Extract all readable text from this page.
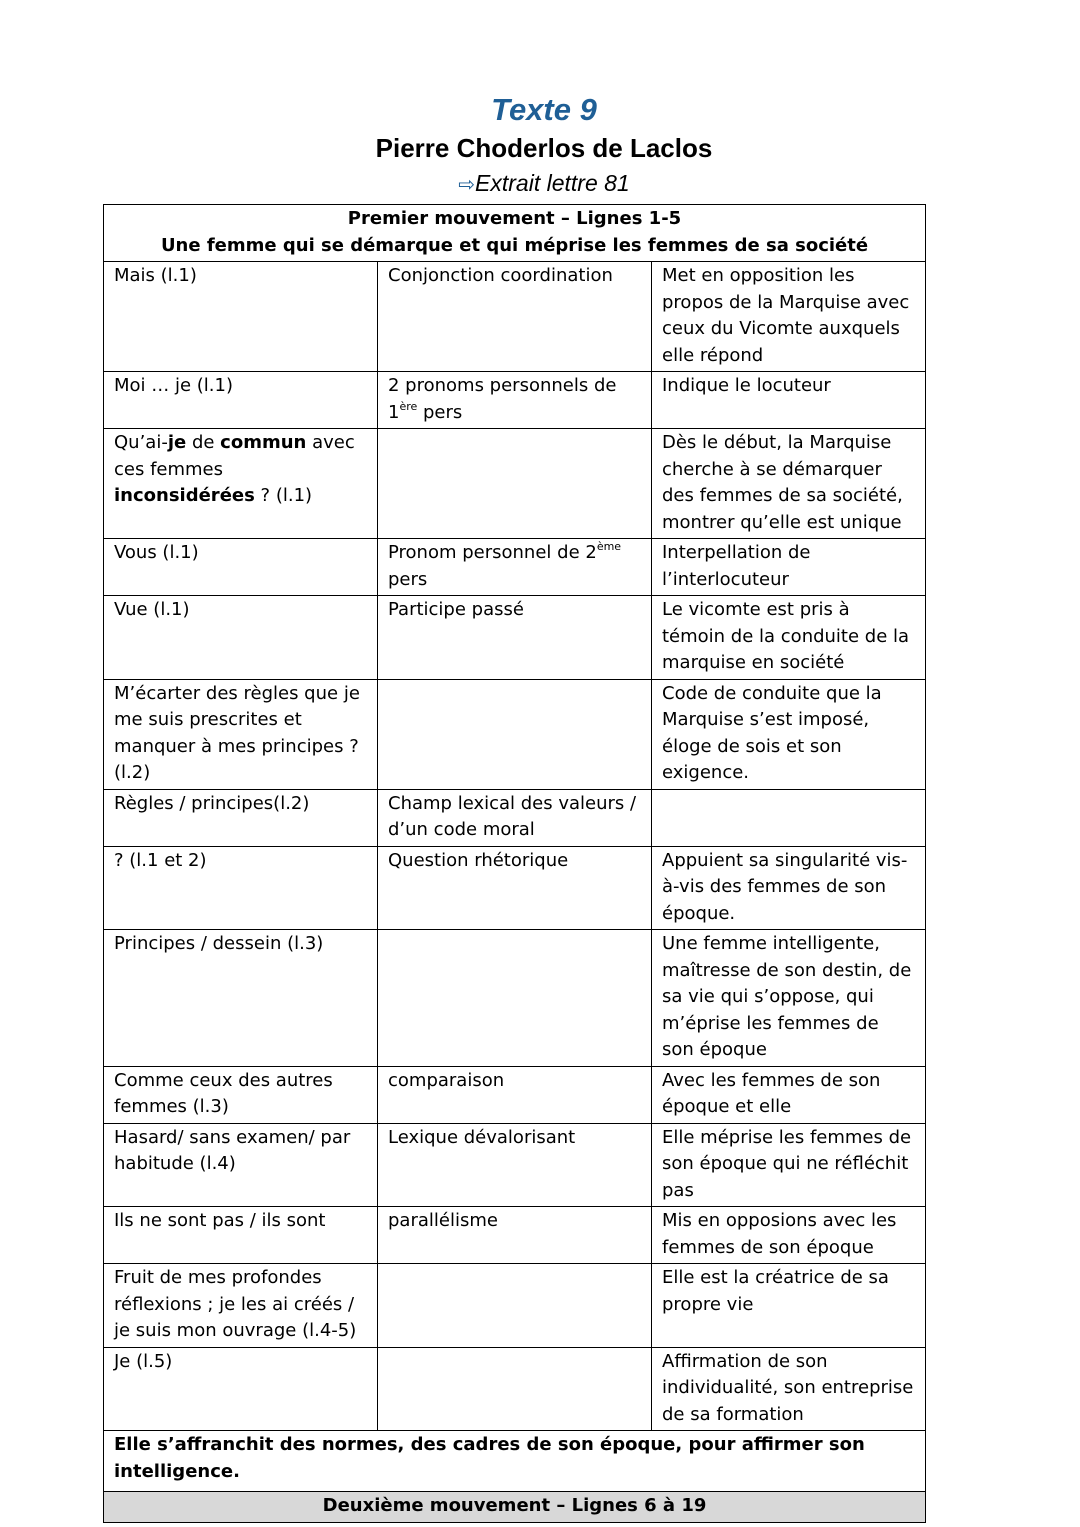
Texte 9
Pierre Choderlos de Laclos
⇨Extrait lettre 81
Premier mouvement – Lignes 1-5
Une femme qui se démarque et qui méprise les femmes de sa société		

Mais (l.1)	Conjonction coordination	Met en opposition les propos de la Marquise avec ceux du Vicomte auxquels elle répond
Moi … je (l.1)	2 pronoms personnels de 1ère pers	Indique le locuteur
Qu’ai-je de commun avec ces femmes inconsidérées ? (l.1)		Dès le début, la Marquise cherche à se démarquer des femmes de sa société, montrer qu’elle est unique
Vous (l.1)	Pronom personnel de 2ème pers	Interpellation de l’interlocuteur
Vue (l.1)	Participe passé	Le vicomte est pris à témoin de la conduite de la marquise en société
M’écarter des règles que je me suis prescrites et manquer à mes principes ? (l.2)		Code de conduite que la Marquise s’est imposé, éloge de sois et son exigence.
Règles / principes(l.2)	Champ lexical des valeurs / d’un code moral	
? (l.1 et 2)	Question rhétorique	Appuient sa singularité vis-à-vis des femmes de son époque.
Principes / dessein (l.3)		Une femme intelligente, maîtresse de son destin, de sa vie qui s’oppose, qui m’éprise les femmes de son époque
Comme ceux des autres femmes (l.3)	comparaison	Avec les femmes de son époque et elle
Hasard/ sans examen/ par habitude (l.4)	Lexique dévalorisant	Elle méprise les femmes de son époque qui ne réfléchit pas
Ils ne sont pas / ils sont	parallélisme	Mis en opposions avec les femmes de son époque
Fruit de mes profondes réflexions ; je les ai créés / je suis mon ouvrage (l.4-5)		Elle est la créatrice de sa propre vie
Je (l.5)		Affirmation de son individualité, son entreprise de sa formation
Elle s’affranchit des normes, des cadres de son époque, pour affirmer son intelligence.		
Deuxième mouvement – Lignes 6 à 19		
